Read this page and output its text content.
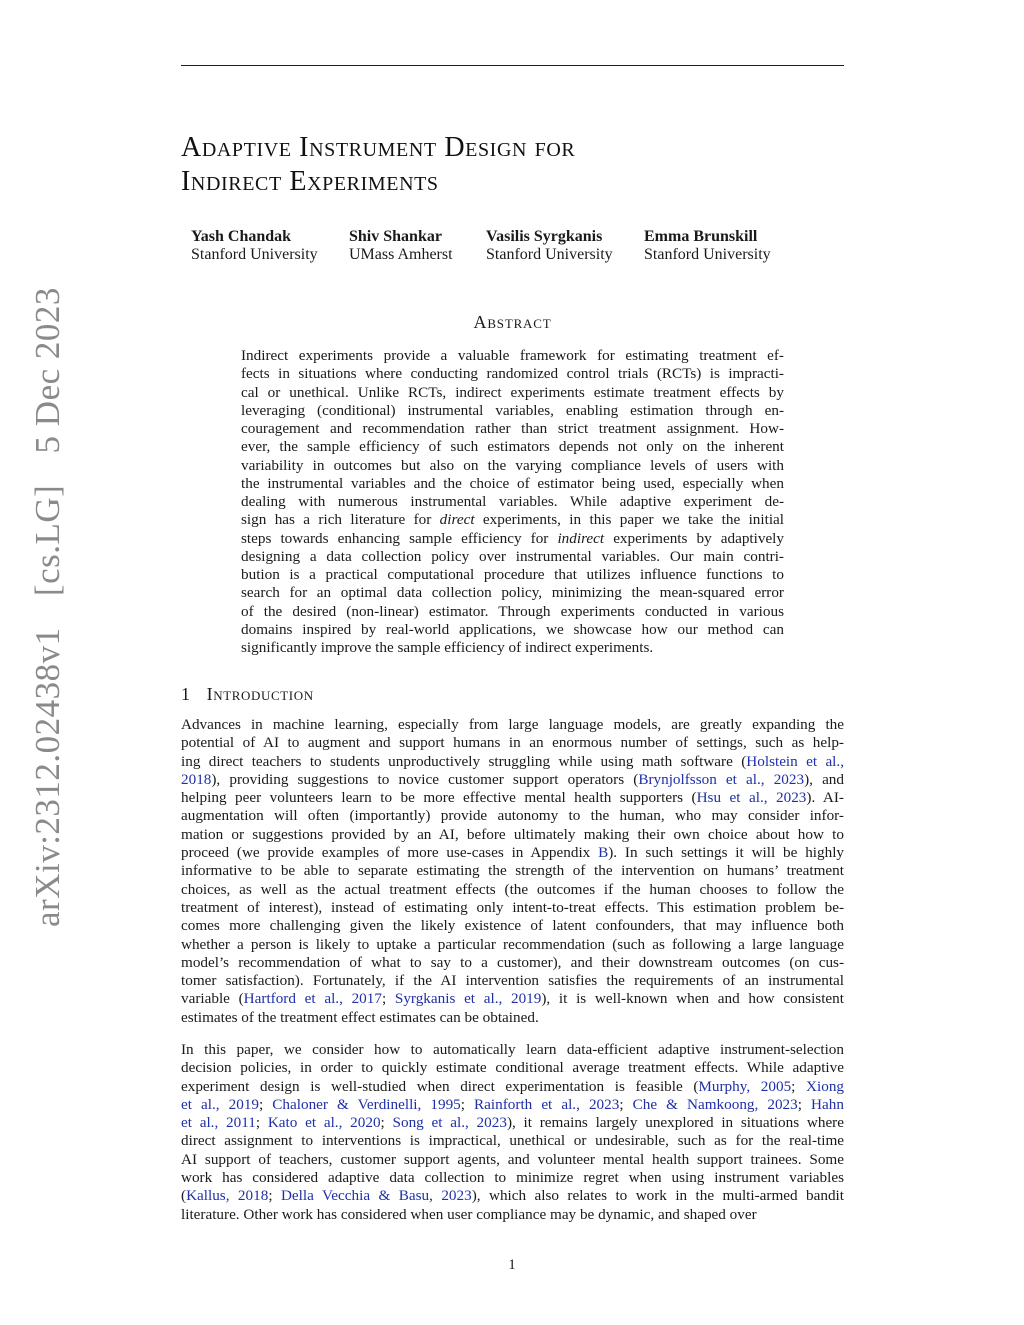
arXiv:2312.02438v1 [cs.LG] 5 Dec 2023
Adaptive Instrument Design for
Indirect Experiments
Yash Chandak
Stanford University
Shiv Shankar
UMass Amherst
Vasilis Syrgkanis
Stanford University
Emma Brunskill
Stanford University
Abstract
Indirect experiments provide a valuable framework for estimating treatment ef-
fects in situations where conducting randomized control trials (RCTs) is impracti-
cal or unethical. Unlike RCTs, indirect experiments estimate treatment effects by
leveraging (conditional) instrumental variables, enabling estimation through en-
couragement and recommendation rather than strict treatment assignment. How-
ever, the sample efficiency of such estimators depends not only on the inherent
variability in outcomes but also on the varying compliance levels of users with
the instrumental variables and the choice of estimator being used, especially when
dealing with numerous instrumental variables. While adaptive experiment de-
sign has a rich literature for direct experiments, in this paper we take the initial
steps towards enhancing sample efficiency for indirect experiments by adaptively
designing a data collection policy over instrumental variables. Our main contri-
bution is a practical computational procedure that utilizes influence functions to
search for an optimal data collection policy, minimizing the mean-squared error
of the desired (non-linear) estimator. Through experiments conducted in various
domains inspired by real-world applications, we showcase how our method can
significantly improve the sample efficiency of indirect experiments.
1 Introduction
Advances in machine learning, especially from large language models, are greatly expanding the
potential of AI to augment and support humans in an enormous number of settings, such as help-
ing direct teachers to students unproductively struggling while using math software (Holstein et al.,
2018), providing suggestions to novice customer support operators (Brynjolfsson et al., 2023), and
helping peer volunteers learn to be more effective mental health supporters (Hsu et al., 2023). AI-
augmentation will often (importantly) provide autonomy to the human, who may consider infor-
mation or suggestions provided by an AI, before ultimately making their own choice about how to
proceed (we provide examples of more use-cases in Appendix B). In such settings it will be highly
informative to be able to separate estimating the strength of the intervention on humans’ treatment
choices, as well as the actual treatment effects (the outcomes if the human chooses to follow the
treatment of interest), instead of estimating only intent-to-treat effects. This estimation problem be-
comes more challenging given the likely existence of latent confounders, that may influence both
whether a person is likely to uptake a particular recommendation (such as following a large language
model’s recommendation of what to say to a customer), and their downstream outcomes (on cus-
tomer satisfaction). Fortunately, if the AI intervention satisfies the requirements of an instrumental
variable (Hartford et al., 2017; Syrgkanis et al., 2019), it is well-known when and how consistent
estimates of the treatment effect estimates can be obtained.
In this paper, we consider how to automatically learn data-efficient adaptive instrument-selection
decision policies, in order to quickly estimate conditional average treatment effects. While adaptive
experiment design is well-studied when direct experimentation is feasible (Murphy, 2005; Xiong
et al., 2019; Chaloner & Verdinelli, 1995; Rainforth et al., 2023; Che & Namkoong, 2023; Hahn
et al., 2011; Kato et al., 2020; Song et al., 2023), it remains largely unexplored in situations where
direct assignment to interventions is impractical, unethical or undesirable, such as for the real-time
AI support of teachers, customer support agents, and volunteer mental health support trainees. Some
work has considered adaptive data collection to minimize regret when using instrument variables
(Kallus, 2018; Della Vecchia & Basu, 2023), which also relates to work in the multi-armed bandit
literature. Other work has considered when user compliance may be dynamic, and shaped over
1
